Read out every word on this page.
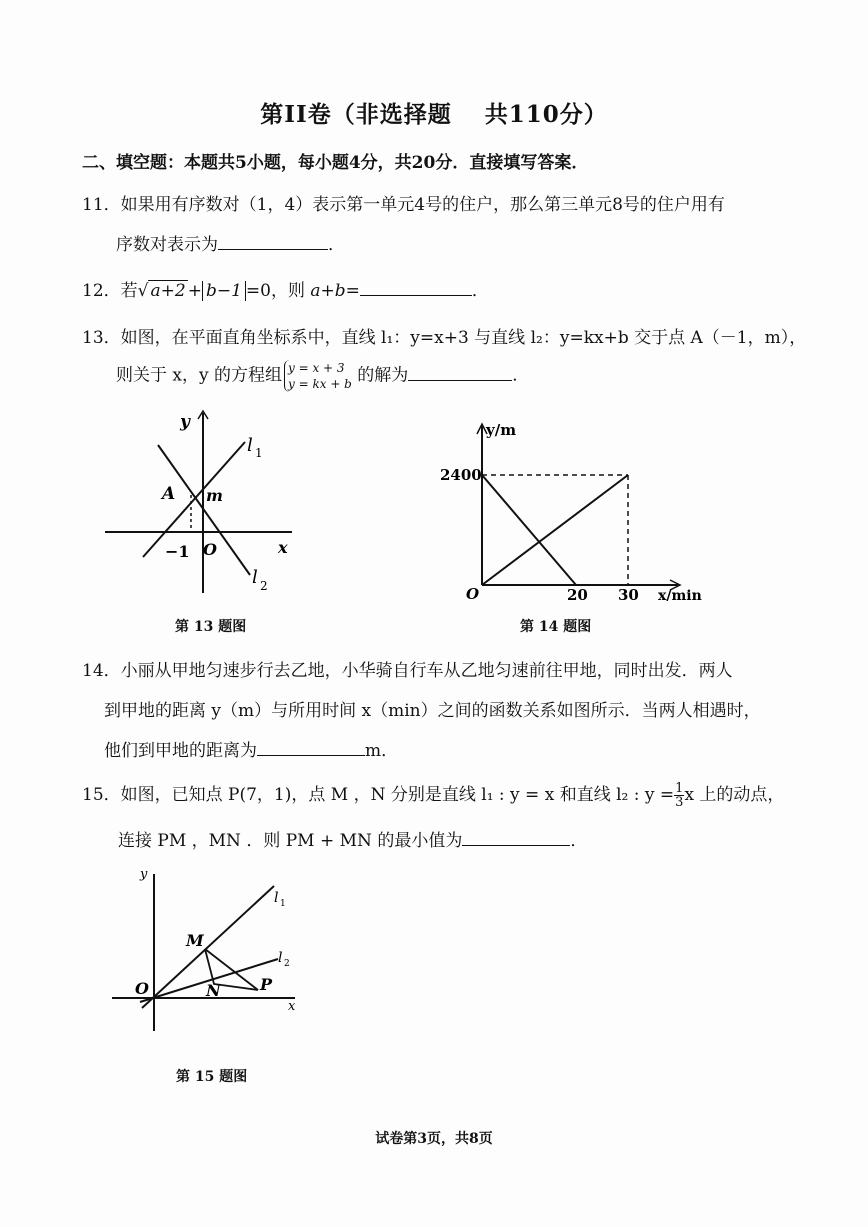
第II卷（非选择题　 共110分）
二、填空题：本题共5小题，每小题4分，共20分．直接填写答案．
11．如果用有序数对（1，4）表示第一单元4号的住户，那么第三单元8号的住户用有
序数对表示为	．
12．若√ a+2 + b−1 =0，则 a+b=	．
13．如图，在平面直角坐标系中，直线 l₁：y=x+3 与直线 l₂：y=kx+b 交于点 A（－1，m），
则关于 x，y 的方程组 y = x + 3
y = kx + b 的解为	．
y
x
l 1
l 2
A m
−1 O
第 13 题图
y/m
2400
O	20 30 x/min
第 14 题图
14．小丽从甲地匀速步行去乙地，小华骑自行车从乙地匀速前往甲地，同时出发．两人
到甲地的距离 y（m）与所用时间 x（min）之间的函数关系如图所示．当两人相遇时，
他们到甲地的距离为	m．
15．如图，已知点 P(7，1)，点 M ，N 分别是直线 l₁ : y = x 和直线 l₂ : $y = \frac{1}{3}$ x 上的动点，
连接 PM ，MN ．则 PM + MN 的最小值为	．
y
x
O
M
N P
l 1
l 2
第 15 题图
试卷第3页，共8页
